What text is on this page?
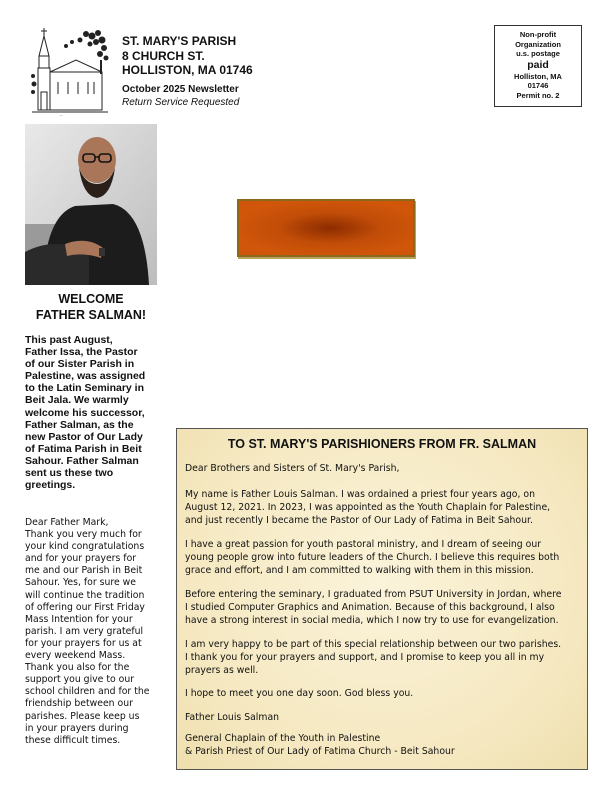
~
ST. MARY'S PARISH
8 CHURCH ST.
HOLLISTON, MA 01746
October 2025 Newsletter
Return Service Requested
Non-profit
Organization
u.s. postage
paid
Holliston, MA
01746
Permit no. 2
WELCOME
FATHER SALMAN!
This past August,
Father Issa, the Pastor
of our Sister Parish in
Palestine, was assigned
to the Latin Seminary in
Beit Jala. We warmly
welcome his successor,
Father Salman, as the
new Pastor of Our Lady
of Fatima Parish in Beit
Sahour. Father Salman
sent us these two
greetings.
Dear Father Mark,
Thank you very much for
your kind congratulations
and for your prayers for
me and our Parish in Beit
Sahour. Yes, for sure we
will continue the tradition
of offering our First Friday
Mass Intention for your
parish. I am very grateful
for your prayers for us at
every weekend Mass.
Thank you also for the
support you give to our
school children and for the
friendship between our
parishes. Please keep us
in your prayers during
these difficult times.
TO ST. MARY'S PARISHIONERS FROM FR. SALMAN
Dear Brothers and Sisters of St. Mary's Parish,
My name is Father Louis Salman. I was ordained a priest four years ago, on
August 12, 2021. In 2023, I was appointed as the Youth Chaplain for Palestine,
and just recently I became the Pastor of Our Lady of Fatima in Beit Sahour.
I have a great passion for youth pastoral ministry, and I dream of seeing our
young people grow into future leaders of the Church. I believe this requires both
grace and effort, and I am committed to walking with them in this mission.
Before entering the seminary, I graduated from PSUT University in Jordan, where
I studied Computer Graphics and Animation. Because of this background, I also
have a strong interest in social media, which I now try to use for evangelization.
I am very happy to be part of this special relationship between our two parishes.
I thank you for your prayers and support, and I promise to keep you all in my
prayers as well.
I hope to meet you one day soon. God bless you.
Father Louis Salman
General Chaplain of the Youth in Palestine
& Parish Priest of Our Lady of Fatima Church - Beit Sahour
